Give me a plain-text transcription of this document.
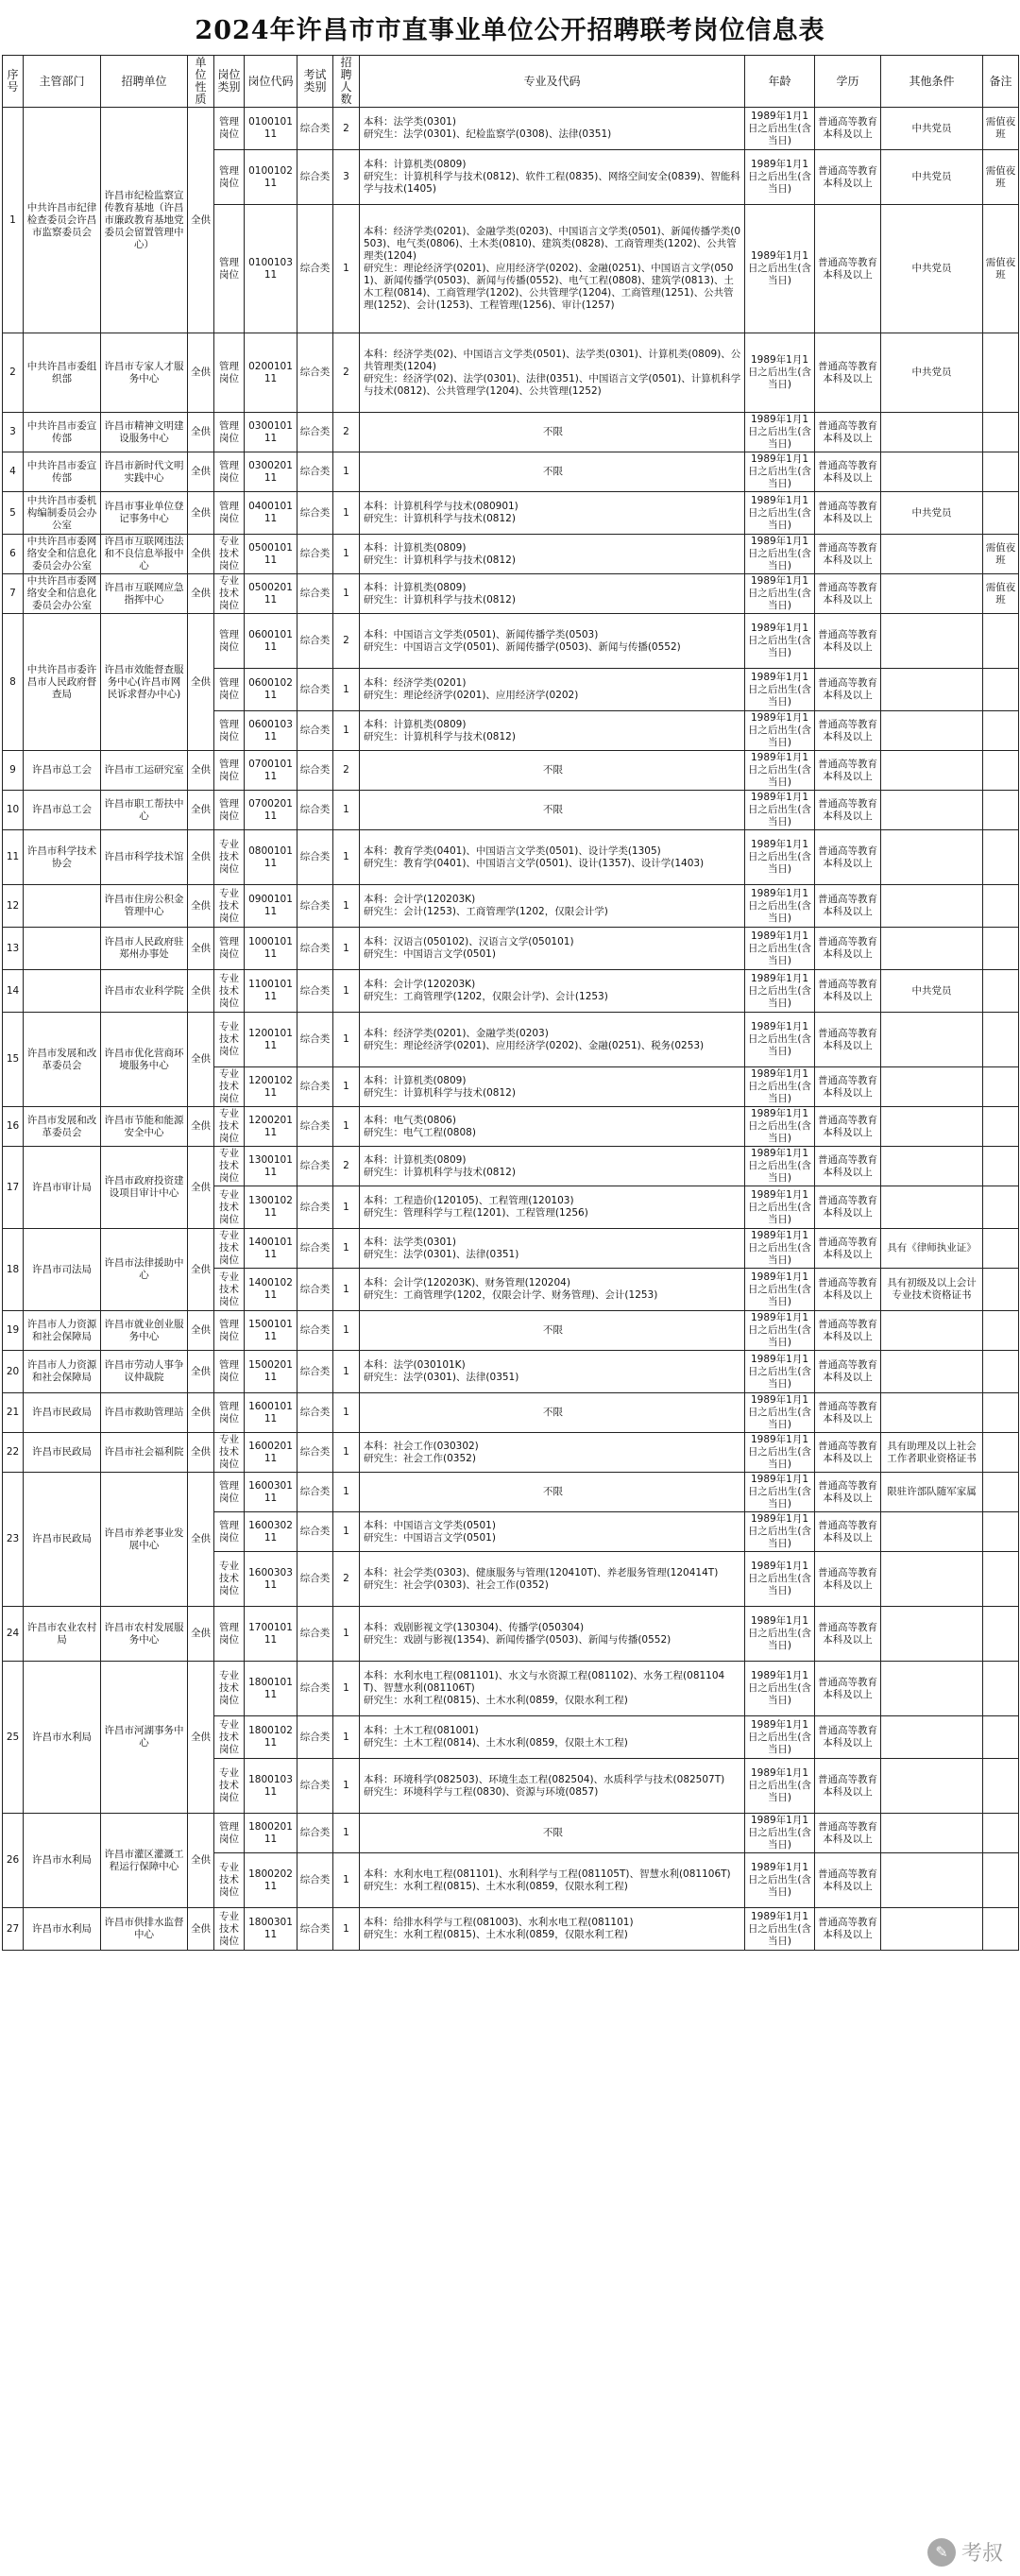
2024年许昌市市直事业单位公开招聘联考岗位信息表
序号	主管部门	招聘单位	单位性质	岗位类别	岗位代码	考试类别	招聘人数	专业及代码	年龄	学历	其他条件	备注
1	中共许昌市纪律检查委员会许昌市监察委员会	许昌市纪检监察宣传教育基地（许昌市廉政教育基地党委员会留置管理中心）	全供	管理岗位	010010111	综合类	2	本科：法学类(0301)
研究生：法学(0301)、纪检监察学(0308)、法律(0351)	1989年1月1日之后出生(含当日)	普通高等教育本科及以上	中共党员	需值夜班
				管理岗位	010010211	综合类	3	本科：计算机类(0809)
研究生：计算机科学与技术(0812)、软件工程(0835)、网络空间安全(0839)、智能科学与技术(1405)	1989年1月1日之后出生(含当日)	普通高等教育本科及以上	中共党员	需值夜班
				管理岗位	010010311	综合类	1	本科：经济学类(0201)、金融学类(0203)、中国语言文学类(0501)、新闻传播学类(0503)、电气类(0806)、土木类(0810)、建筑类(0828)、工商管理类(1202)、公共管理类(1204)
研究生：理论经济学(0201)、应用经济学(0202)、金融(0251)、中国语言文学(0501)、新闻传播学(0503)、新闻与传播(0552)、电气工程(0808)、建筑学(0813)、土木工程(0814)、工商管理学(1202)、公共管理学(1204)、工商管理(1251)、公共管理(1252)、会计(1253)、工程管理(1256)、审计(1257)	1989年1月1日之后出生(含当日)	普通高等教育本科及以上	中共党员	需值夜班
2	中共许昌市委组织部	许昌市专家人才服务中心	全供	管理岗位	020010111	综合类	2	本科：经济学类(02)、中国语言文学类(0501)、法学类(0301)、计算机类(0809)、公共管理类(1204)
研究生：经济学(02)、法学(0301)、法律(0351)、中国语言文学(0501)、计算机科学与技术(0812)、公共管理学(1204)、公共管理(1252)	1989年1月1日之后出生(含当日)	普通高等教育本科及以上	中共党员	
3	中共许昌市委宣传部	许昌市精神文明建设服务中心	全供	管理岗位	030010111	综合类	2	不限	1989年1月1日之后出生(含当日)	普通高等教育本科及以上		
4	中共许昌市委宣传部	许昌市新时代文明实践中心	全供	管理岗位	030020111	综合类	1	不限	1989年1月1日之后出生(含当日)	普通高等教育本科及以上		
5	中共许昌市委机构编制委员会办公室	许昌市事业单位登记事务中心	全供	管理岗位	040010111	综合类	1	本科：计算机科学与技术(080901)
研究生：计算机科学与技术(0812)	1989年1月1日之后出生(含当日)	普通高等教育本科及以上	中共党员	
6	中共许昌市委网络安全和信息化委员会办公室	许昌市互联网违法和不良信息举报中心	全供	专业技术岗位	050010111	综合类	1	本科：计算机类(0809)
研究生：计算机科学与技术(0812)	1989年1月1日之后出生(含当日)	普通高等教育本科及以上		需值夜班
7	中共许昌市委网络安全和信息化委员会办公室	许昌市互联网应急指挥中心	全供	专业技术岗位	050020111	综合类	1	本科：计算机类(0809)
研究生：计算机科学与技术(0812)	1989年1月1日之后出生(含当日)	普通高等教育本科及以上		需值夜班
8	中共许昌市委许昌市人民政府督查局	许昌市效能督查服务中心(许昌市网民诉求督办中心)	全供	管理岗位	060010111	综合类	2	本科：中国语言文学类(0501)、新闻传播学类(0503)
研究生：中国语言文学(0501)、新闻传播学(0503)、新闻与传播(0552)	1989年1月1日之后出生(含当日)	普通高等教育本科及以上		
				管理岗位	060010211	综合类	1	本科：经济学类(0201)
研究生：理论经济学(0201)、应用经济学(0202)	1989年1月1日之后出生(含当日)	普通高等教育本科及以上		
				管理岗位	060010311	综合类	1	本科：计算机类(0809)
研究生：计算机科学与技术(0812)	1989年1月1日之后出生(含当日)	普通高等教育本科及以上		
9	许昌市总工会	许昌市工运研究室	全供	管理岗位	070010111	综合类	2	不限	1989年1月1日之后出生(含当日)	普通高等教育本科及以上		
10	许昌市总工会	许昌市职工帮扶中心	全供	管理岗位	070020111	综合类	1	不限	1989年1月1日之后出生(含当日)	普通高等教育本科及以上		
11	许昌市科学技术协会	许昌市科学技术馆	全供	专业技术岗位	080010111	综合类	1	本科：教育学类(0401)、中国语言文学类(0501)、设计学类(1305)
研究生：教育学(0401)、中国语言文学(0501)、设计(1357)、设计学(1403)	1989年1月1日之后出生(含当日)	普通高等教育本科及以上		
12		许昌市住房公积金管理中心	全供	专业技术岗位	090010111	综合类	1	本科：会计学(120203K)
研究生：会计(1253)、工商管理学(1202，仅限会计学)	1989年1月1日之后出生(含当日)	普通高等教育本科及以上		
13		许昌市人民政府驻郑州办事处	全供	管理岗位	100010111	综合类	1	本科：汉语言(050102)、汉语言文学(050101)
研究生：中国语言文学(0501)	1989年1月1日之后出生(含当日)	普通高等教育本科及以上		
14		许昌市农业科学院	全供	专业技术岗位	110010111	综合类	1	本科：会计学(120203K)
研究生：工商管理学(1202，仅限会计学)、会计(1253)	1989年1月1日之后出生(含当日)	普通高等教育本科及以上	中共党员	
15	许昌市发展和改革委员会	许昌市优化营商环境服务中心	全供	专业技术岗位	120010111	综合类	1	本科：经济学类(0201)、金融学类(0203)
研究生：理论经济学(0201)、应用经济学(0202)、金融(0251)、税务(0253)	1989年1月1日之后出生(含当日)	普通高等教育本科及以上		
				专业技术岗位	120010211	综合类	1	本科：计算机类(0809)
研究生：计算机科学与技术(0812)	1989年1月1日之后出生(含当日)	普通高等教育本科及以上		
16	许昌市发展和改革委员会	许昌市节能和能源安全中心	全供	专业技术岗位	120020111	综合类	1	本科：电气类(0806)
研究生：电气工程(0808)	1989年1月1日之后出生(含当日)	普通高等教育本科及以上		
17	许昌市审计局	许昌市政府投资建设项目审计中心	全供	专业技术岗位	130010111	综合类	2	本科：计算机类(0809)
研究生：计算机科学与技术(0812)	1989年1月1日之后出生(含当日)	普通高等教育本科及以上		
				专业技术岗位	130010211	综合类	1	本科：工程造价(120105)、工程管理(120103)
研究生：管理科学与工程(1201)、工程管理(1256)	1989年1月1日之后出生(含当日)	普通高等教育本科及以上		
18	许昌市司法局	许昌市法律援助中心	全供	专业技术岗位	140010111	综合类	1	本科：法学类(0301)
研究生：法学(0301)、法律(0351)	1989年1月1日之后出生(含当日)	普通高等教育本科及以上	具有《律师执业证》	
				专业技术岗位	140010211	综合类	1	本科：会计学(120203K)、财务管理(120204)
研究生：工商管理学(1202，仅限会计学、财务管理)、会计(1253)	1989年1月1日之后出生(含当日)	普通高等教育本科及以上	具有初级及以上会计专业技术资格证书	
19	许昌市人力资源和社会保障局	许昌市就业创业服务中心	全供	管理岗位	150010111	综合类	1	不限	1989年1月1日之后出生(含当日)	普通高等教育本科及以上		
20	许昌市人力资源和社会保障局	许昌市劳动人事争议仲裁院	全供	管理岗位	150020111	综合类	1	本科：法学(030101K)
研究生：法学(0301)、法律(0351)	1989年1月1日之后出生(含当日)	普通高等教育本科及以上		
21	许昌市民政局	许昌市救助管理站	全供	管理岗位	160010111	综合类	1	不限	1989年1月1日之后出生(含当日)	普通高等教育本科及以上		
22	许昌市民政局	许昌市社会福利院	全供	专业技术岗位	160020111	综合类	1	本科：社会工作(030302)
研究生：社会工作(0352)	1989年1月1日之后出生(含当日)	普通高等教育本科及以上	具有助理及以上社会工作者职业资格证书	
23	许昌市民政局	许昌市养老事业发展中心	全供	管理岗位	160030111	综合类	1	不限	1989年1月1日之后出生(含当日)	普通高等教育本科及以上	限驻许部队随军家属	
				管理岗位	160030211	综合类	1	本科：中国语言文学类(0501)
研究生：中国语言文学(0501)	1989年1月1日之后出生(含当日)	普通高等教育本科及以上		
				专业技术岗位	160030311	综合类	2	本科：社会学类(0303)、健康服务与管理(120410T)、养老服务管理(120414T)
研究生：社会学(0303)、社会工作(0352)	1989年1月1日之后出生(含当日)	普通高等教育本科及以上		
24	许昌市农业农村局	许昌市农村发展服务中心	全供	管理岗位	170010111	综合类	1	本科：戏剧影视文学(130304)、传播学(050304)
研究生：戏剧与影视(1354)、新闻传播学(0503)、新闻与传播(0552)	1989年1月1日之后出生(含当日)	普通高等教育本科及以上		
25	许昌市水利局	许昌市河湖事务中心	全供	专业技术岗位	180010111	综合类	1	本科：水利水电工程(081101)、水文与水资源工程(081102)、水务工程(081104T)、智慧水利(081106T)
研究生：水利工程(0815)、土木水利(0859，仅限水利工程)	1989年1月1日之后出生(含当日)	普通高等教育本科及以上		
				专业技术岗位	180010211	综合类	1	本科：土木工程(081001)
研究生：土木工程(0814)、土木水利(0859，仅限土木工程)	1989年1月1日之后出生(含当日)	普通高等教育本科及以上		
				专业技术岗位	180010311	综合类	1	本科：环境科学(082503)、环境生态工程(082504)、水质科学与技术(082507T)
研究生：环境科学与工程(0830)、资源与环境(0857)	1989年1月1日之后出生(含当日)	普通高等教育本科及以上		
26	许昌市水利局	许昌市灌区灌溉工程运行保障中心	全供	管理岗位	180020111	综合类	1	不限	1989年1月1日之后出生(含当日)	普通高等教育本科及以上		
				专业技术岗位	180020211	综合类	1	本科：水利水电工程(081101)、水利科学与工程(081105T)、智慧水利(081106T)
研究生：水利工程(0815)、土木水利(0859，仅限水利工程)	1989年1月1日之后出生(含当日)	普通高等教育本科及以上		
27	许昌市水利局	许昌市供排水监督中心	全供	专业技术岗位	180030111	综合类	1	本科：给排水科学与工程(081003)、水利水电工程(081101)
研究生：水利工程(0815)、土木水利(0859，仅限水利工程)	1989年1月1日之后出生(含当日)	普通高等教育本科及以上		
✎ 考叔
